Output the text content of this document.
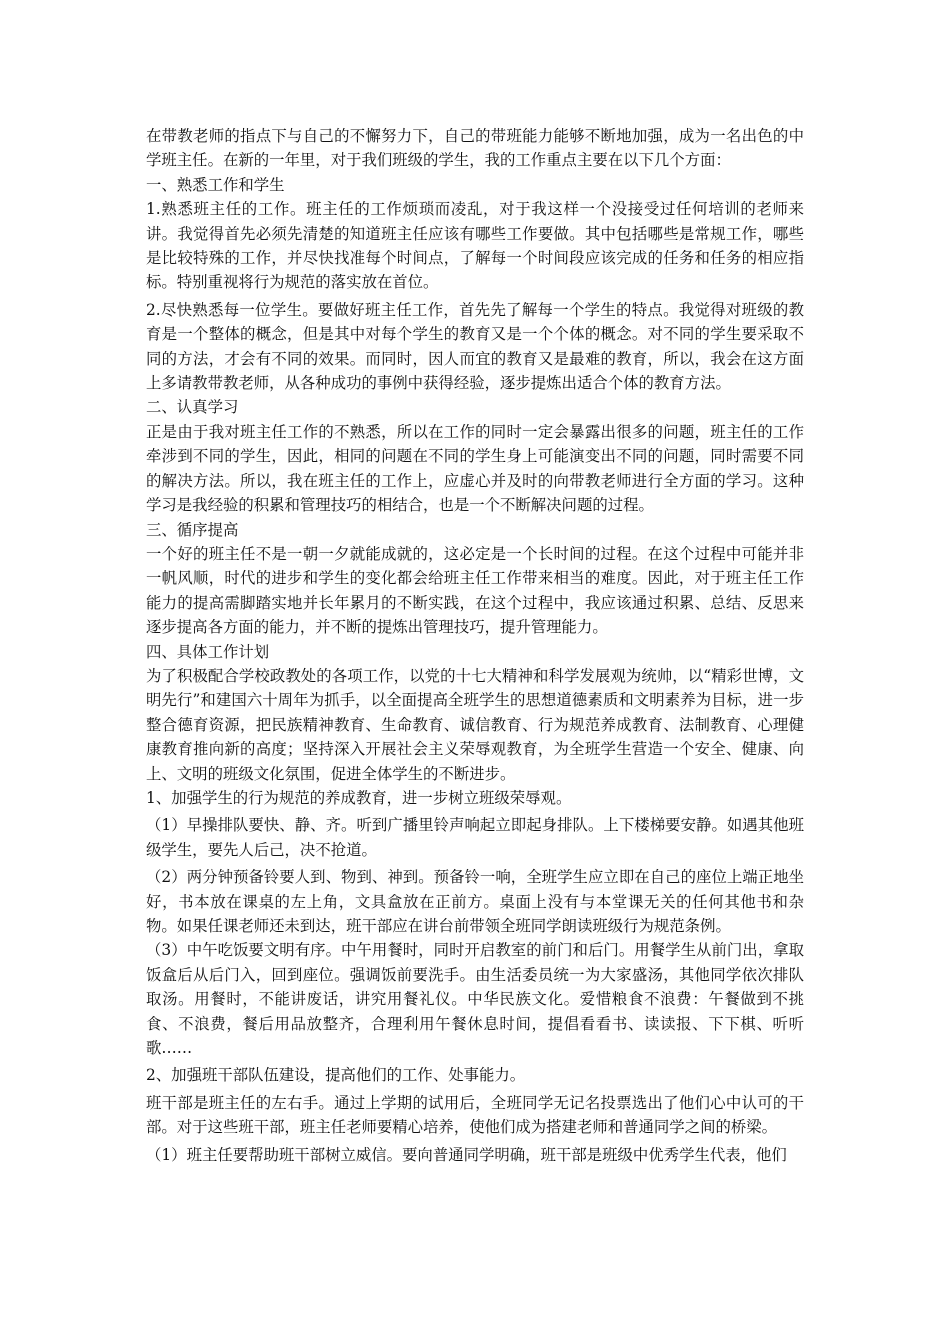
在带教老师的指点下与自己的不懈努力下，自己的带班能力能够不断地加强，成为一名出色的中学班主任。在新的一年里，对于我们班级的学生，我的工作重点主要在以下几个方面：

一、熟悉工作和学生

1.熟悉班主任的工作。班主任的工作烦琐而凌乱，对于我这样一个没接受过任何培训的老师来讲。我觉得首先必须先清楚的知道班主任应该有哪些工作要做。其中包括哪些是常规工作，哪些是比较特殊的工作，并尽快找准每个时间点，了解每一个时间段应该完成的任务和任务的相应指标。特别重视将行为规范的落实放在首位。

2.尽快熟悉每一位学生。要做好班主任工作，首先先了解每一个学生的特点。我觉得对班级的教育是一个整体的概念，但是其中对每个学生的教育又是一个个体的概念。对不同的学生要采取不同的方法，才会有不同的效果。而同时，因人而宜的教育又是最难的教育，所以，我会在这方面上多请教带教老师，从各种成功的事例中获得经验，逐步提炼出适合个体的教育方法。

二、认真学习

正是由于我对班主任工作的不熟悉，所以在工作的同时一定会暴露出很多的问题，班主任的工作牵涉到不同的学生，因此，相同的问题在不同的学生身上可能演变出不同的问题，同时需要不同的解决方法。所以，我在班主任的工作上，应虚心并及时的向带教老师进行全方面的学习。这种学习是我经验的积累和管理技巧的相结合，也是一个不断解决问题的过程。

三、循序提高

一个好的班主任不是一朝一夕就能成就的，这必定是一个长时间的过程。在这个过程中可能并非一帆风顺，时代的进步和学生的变化都会给班主任工作带来相当的难度。因此，对于班主任工作能力的提高需脚踏实地并长年累月的不断实践，在这个过程中，我应该通过积累、总结、反思来逐步提高各方面的能力，并不断的提炼出管理技巧，提升管理能力。

四、具体工作计划

为了积极配合学校政教处的各项工作，以党的十七大精神和科学发展观为统帅，以“精彩世博，文明先行”和建国六十周年为抓手，以全面提高全班学生的思想道德素质和文明素养为目标，进一步整合德育资源，把民族精神教育、生命教育、诚信教育、行为规范养成教育、法制教育、心理健康教育推向新的高度；坚持深入开展社会主义荣辱观教育，为全班学生营造一个安全、健康、向上、文明的班级文化氛围，促进全体学生的不断进步。

1、加强学生的行为规范的养成教育，进一步树立班级荣辱观。

（1）早操排队要快、静、齐。听到广播里铃声响起立即起身排队。上下楼梯要安静。如遇其他班级学生，要先人后己，决不抢道。

（2）两分钟预备铃要人到、物到、神到。预备铃一响，全班学生应立即在自己的座位上端正地坐好，书本放在课桌的左上角，文具盒放在正前方。桌面上没有与本堂课无关的任何其他书和杂物。如果任课老师还未到达，班干部应在讲台前带领全班同学朗读班级行为规范条例。

（3）中午吃饭要文明有序。中午用餐时，同时开启教室的前门和后门。用餐学生从前门出，拿取饭盒后从后门入，回到座位。强调饭前要洗手。由生活委员统一为大家盛汤，其他同学依次排队取汤。用餐时，不能讲废话，讲究用餐礼仪。中华民族文化。爱惜粮食不浪费：午餐做到不挑食、不浪费，餐后用品放整齐，合理利用午餐休息时间，提倡看看书、读读报、下下棋、听听歌……

2、加强班干部队伍建设，提高他们的工作、处事能力。

班干部是班主任的左右手。通过上学期的试用后，全班同学无记名投票选出了他们心中认可的干部。对于这些班干部，班主任老师要精心培养，使他们成为搭建老师和普通同学之间的桥梁。

（1）班主任要帮助班干部树立威信。要向普通同学明确，班干部是班级中优秀学生代表，他们
